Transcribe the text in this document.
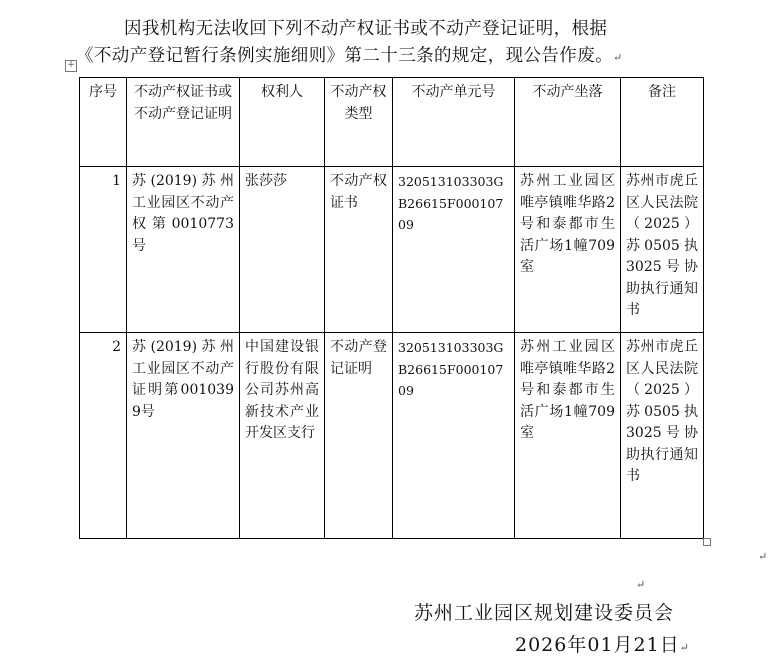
因我机构无法收回下列不动产权证书或不动产登记证明，根据
《不动产登记暂行条例实施细则》第二十三条的规定，现公告作废。↵
+
序号	不动产权证书或不动产登记证明	权利人	不动产权类型	不动产单元号	不动产坐落	备注
1	苏(2019)苏州工业园区不动产权第0010773号	张莎莎	不动产权证书	320513103303GB26615F00010709	苏州工业园区唯亭镇唯华路2号和泰都市生活广场1幢709室	苏州市虎丘区人民法院（2025）苏0505执3025号协助执行通知书
2	苏(2019)苏州工业园区不动产证明第0010399号	中国建设银行股份有限公司苏州高新技术产业开发区支行	不动产登记证明	320513103303GB26615F00010709	苏州工业园区唯亭镇唯华路2号和泰都市生活广场1幢709室	苏州市虎丘区人民法院（2025）苏0505执3025号协助执行通知书
↵
↵
苏州工业园区规划建设委员会
2026年01月21日↵
